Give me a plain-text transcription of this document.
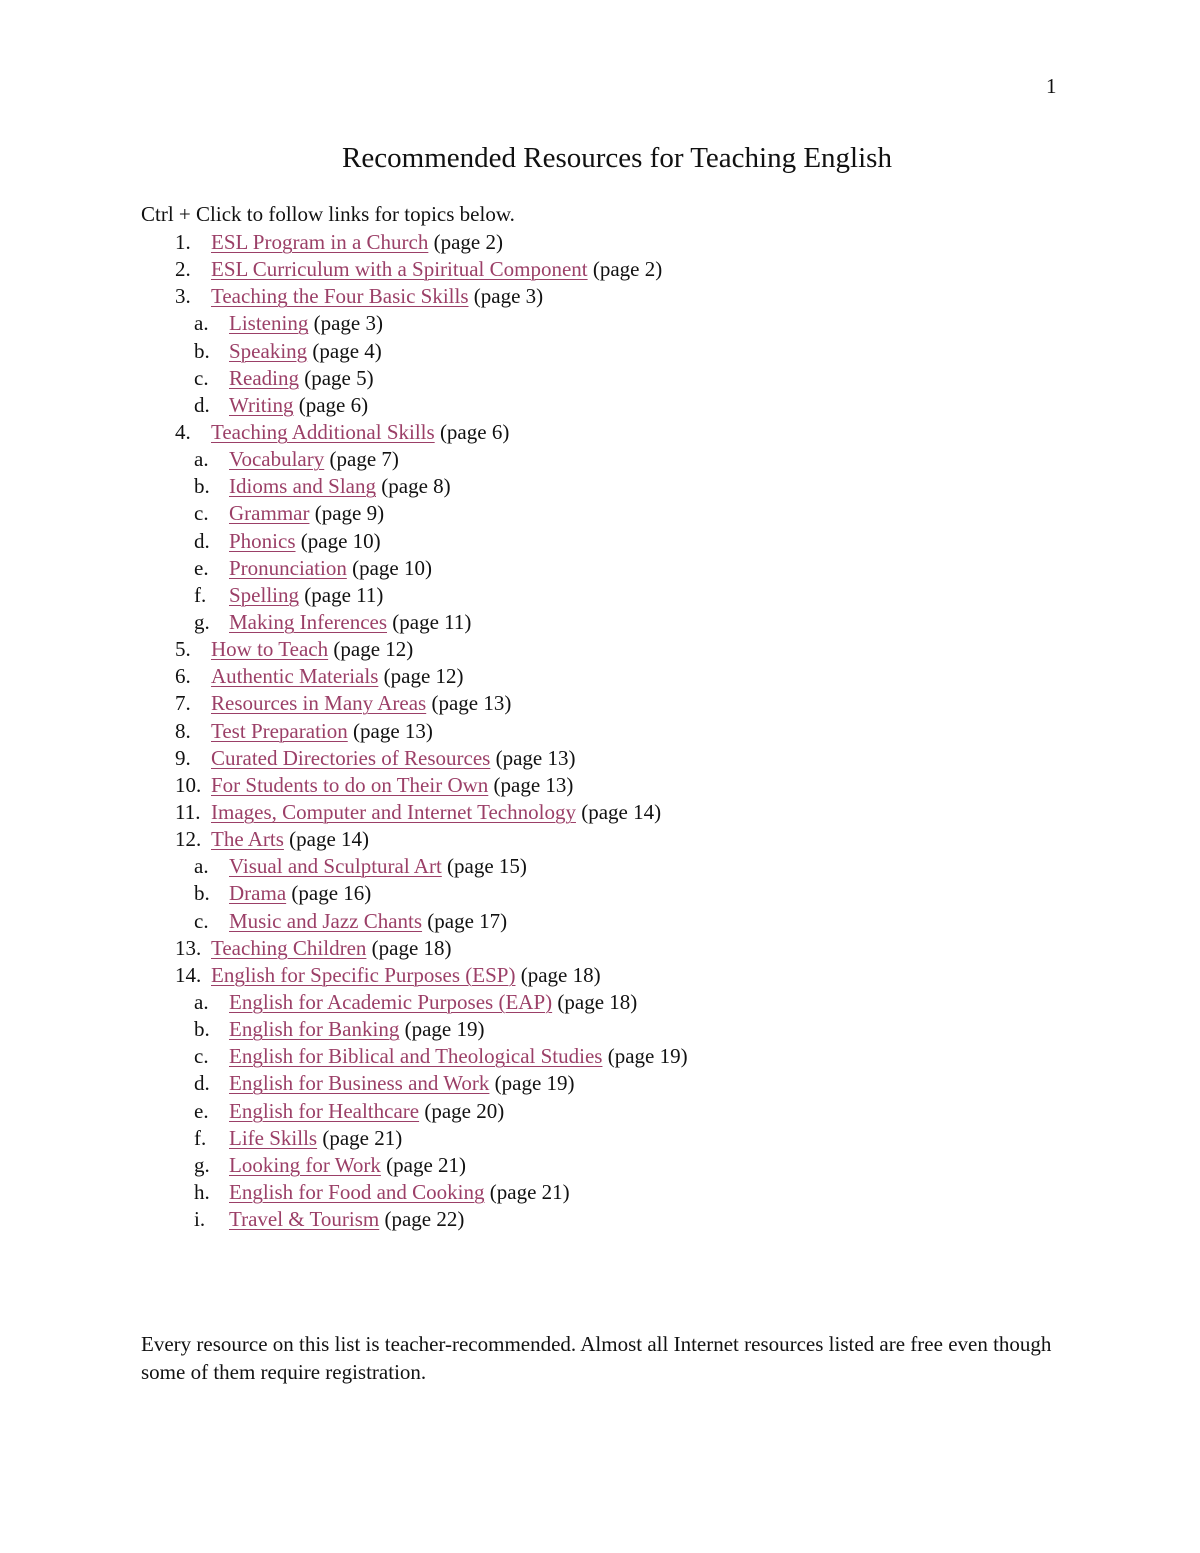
1
Recommended Resources for Teaching English
Ctrl + Click to follow links for topics below.
1. ESL Program in a Church (page 2)
2. ESL Curriculum with a Spiritual Component (page 2)
3. Teaching the Four Basic Skills (page 3)
a. Listening (page 3)
b. Speaking (page 4)
c. Reading (page 5)
d. Writing (page 6)
4. Teaching Additional Skills (page 6)
a. Vocabulary (page 7)
b. Idioms and Slang (page 8)
c. Grammar (page 9)
d. Phonics (page 10)
e. Pronunciation (page 10)
f. Spelling (page 11)
g. Making Inferences (page 11)
5. How to Teach (page 12)
6. Authentic Materials (page 12)
7. Resources in Many Areas (page 13)
8. Test Preparation (page 13)
9. Curated Directories of Resources (page 13)
10. For Students to do on Their Own (page 13)
11. Images, Computer and Internet Technology (page 14)
12. The Arts (page 14)
a. Visual and Sculptural Art (page 15)
b. Drama (page 16)
c. Music and Jazz Chants (page 17)
13. Teaching Children (page 18)
14. English for Specific Purposes (ESP) (page 18)
a. English for Academic Purposes (EAP) (page 18)
b. English for Banking (page 19)
c. English for Biblical and Theological Studies (page 19)
d. English for Business and Work (page 19)
e. English for Healthcare (page 20)
f. Life Skills (page 21)
g. Looking for Work (page 21)
h. English for Food and Cooking (page 21)
i. Travel & Tourism (page 22)

Every resource on this list is teacher-recommended. Almost all Internet resources listed are free even though some of them require registration.
